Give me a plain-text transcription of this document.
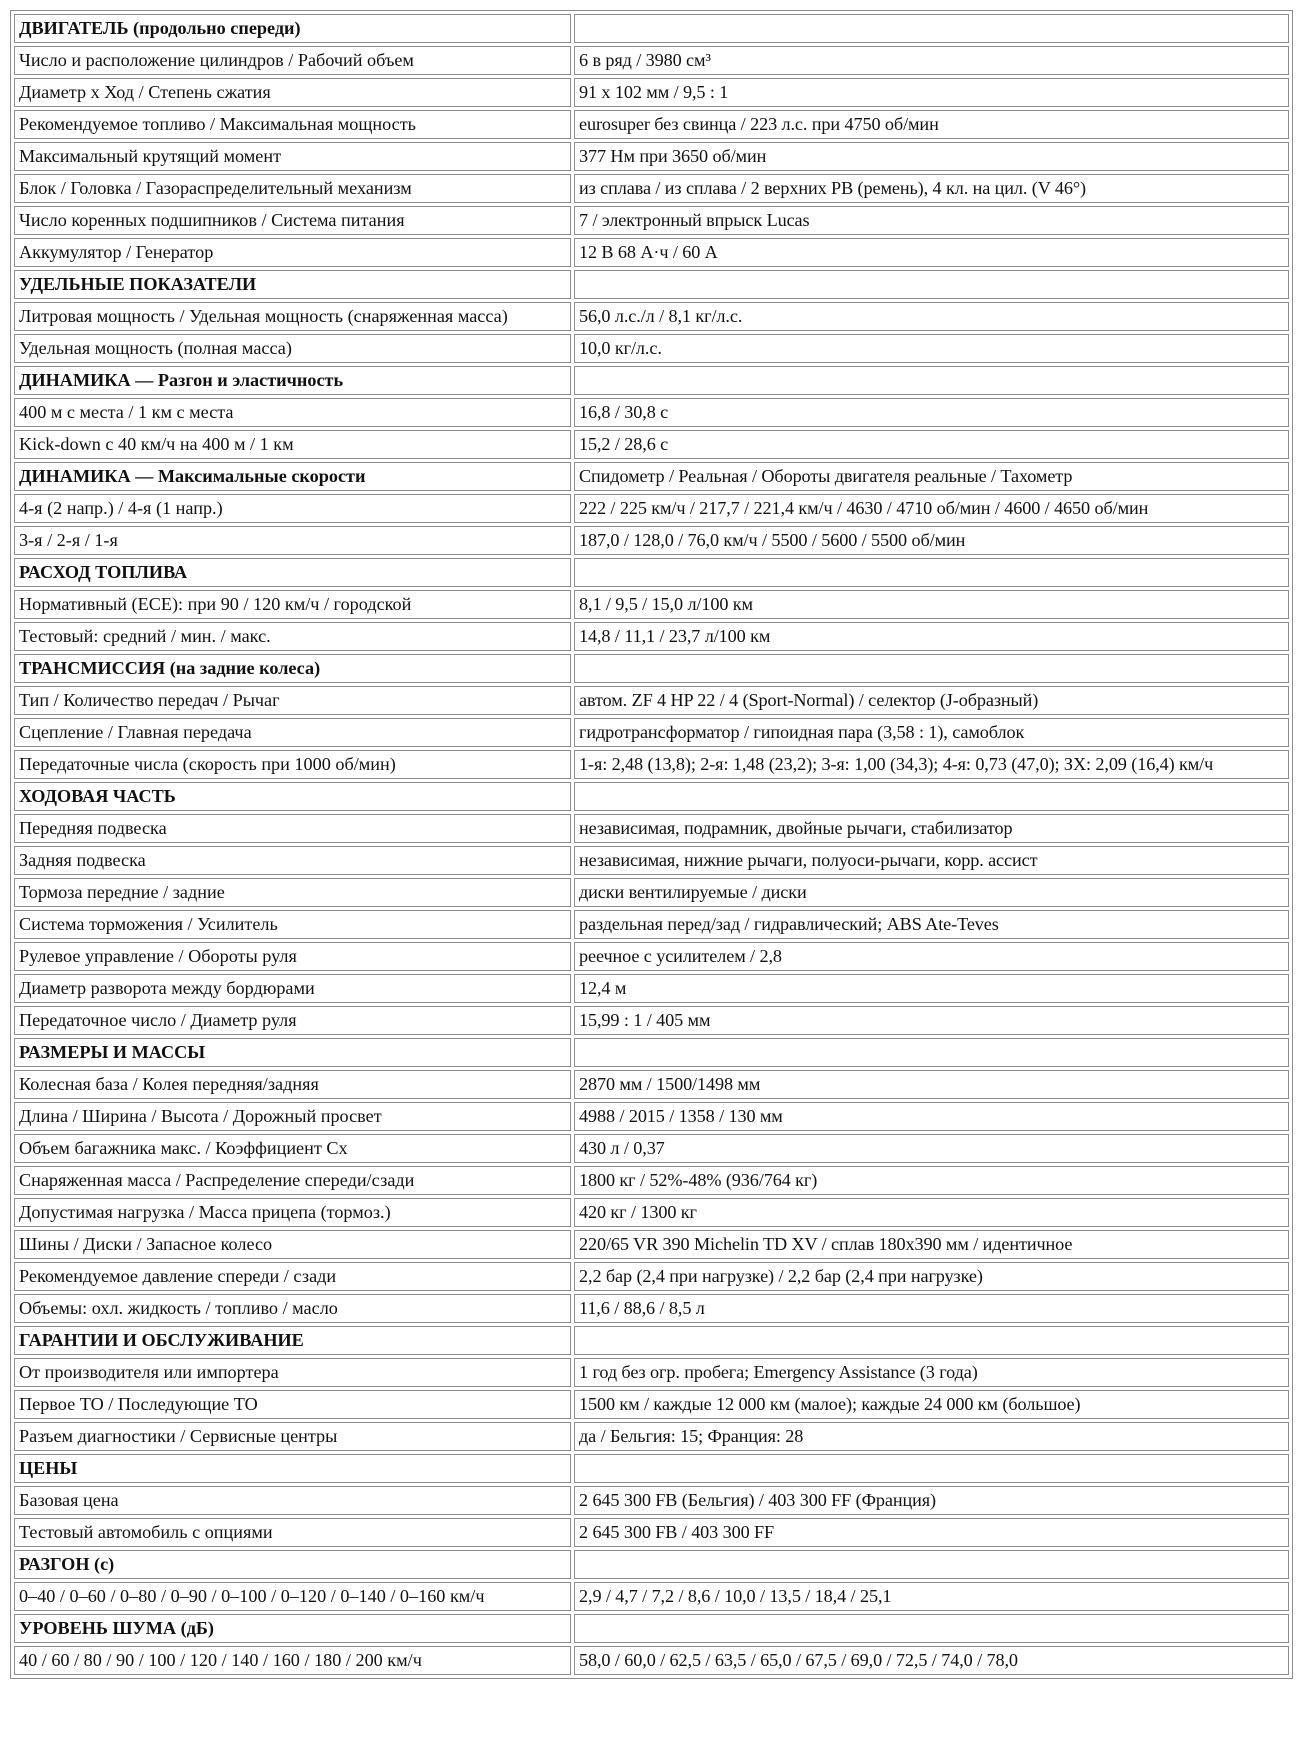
ДВИГАТЕЛЬ (продольно спереди)	
Число и расположение цилиндров / Рабочий объем	6 в ряд / 3980 см³
Диаметр х Ход / Степень сжатия	91 х 102 мм / 9,5 : 1
Рекомендуемое топливо / Максимальная мощность	eurosuper без свинца / 223 л.с. при 4750 об/мин
Максимальный крутящий момент	377 Нм при 3650 об/мин
Блок / Головка / Газораспределительный механизм	из сплава / из сплава / 2 верхних РВ (ремень), 4 кл. на цил. (V 46°)
Число коренных подшипников / Система питания	7 / электронный впрыск Lucas
Аккумулятор / Генератор	12 В 68 А·ч / 60 А
УДЕЛЬНЫЕ ПОКАЗАТЕЛИ	
Литровая мощность / Удельная мощность (снаряженная масса)	56,0 л.с./л / 8,1 кг/л.с.
Удельная мощность (полная масса)	10,0 кг/л.с.
ДИНАМИКА — Разгон и эластичность	
400 м с места / 1 км с места	16,8 / 30,8 с
Kick-down с 40 км/ч на 400 м / 1 км	15,2 / 28,6 с
ДИНАМИКА — Максимальные скорости	Спидометр / Реальная / Обороты двигателя реальные / Тахометр
4-я (2 напр.) / 4-я (1 напр.)	222 / 225 км/ч / 217,7 / 221,4 км/ч / 4630 / 4710 об/мин / 4600 / 4650 об/мин
3-я / 2-я / 1-я	187,0 / 128,0 / 76,0 км/ч / 5500 / 5600 / 5500 об/мин
РАСХОД ТОПЛИВА	
Нормативный (ECE): при 90 / 120 км/ч / городской	8,1 / 9,5 / 15,0 л/100 км
Тестовый: средний / мин. / макс.	14,8 / 11,1 / 23,7 л/100 км
ТРАНСМИССИЯ (на задние колеса)	
Тип / Количество передач / Рычаг	автом. ZF 4 HP 22 / 4 (Sport-Normal) / селектор (J-образный)
Сцепление / Главная передача	гидротрансформатор / гипоидная пара (3,58 : 1), самоблок
Передаточные числа (скорость при 1000 об/мин)	1-я: 2,48 (13,8); 2-я: 1,48 (23,2); 3-я: 1,00 (34,3); 4-я: 0,73 (47,0); ЗХ: 2,09 (16,4) км/ч
ХОДОВАЯ ЧАСТЬ	
Передняя подвеска	независимая, подрамник, двойные рычаги, стабилизатор
Задняя подвеска	независимая, нижние рычаги, полуоси-рычаги, корр. ассист
Тормоза передние / задние	диски вентилируемые / диски
Система торможения / Усилитель	раздельная перед/зад / гидравлический; ABS Ate-Teves
Рулевое управление / Обороты руля	реечное с усилителем / 2,8
Диаметр разворота между бордюрами	12,4 м
Передаточное число / Диаметр руля	15,99 : 1 / 405 мм
РАЗМЕРЫ И МАССЫ	
Колесная база / Колея передняя/задняя	2870 мм / 1500/1498 мм
Длина / Ширина / Высота / Дорожный просвет	4988 / 2015 / 1358 / 130 мм
Объем багажника макс. / Коэффициент Сх	430 л / 0,37
Снаряженная масса / Распределение спереди/сзади	1800 кг / 52%-48% (936/764 кг)
Допустимая нагрузка / Масса прицепа (тормоз.)	420 кг / 1300 кг
Шины / Диски / Запасное колесо	220/65 VR 390 Michelin TD XV / сплав 180х390 мм / идентичное
Рекомендуемое давление спереди / сзади	2,2 бар (2,4 при нагрузке) / 2,2 бар (2,4 при нагрузке)
Объемы: охл. жидкость / топливо / масло	11,6 / 88,6 / 8,5 л
ГАРАНТИИ И ОБСЛУЖИВАНИЕ	
От производителя или импортера	1 год без огр. пробега; Emergency Assistance (3 года)
Первое ТО / Последующие ТО	1500 км / каждые 12 000 км (малое); каждые 24 000 км (большое)
Разъем диагностики / Сервисные центры	да / Бельгия: 15; Франция: 28
ЦЕНЫ	
Базовая цена	2 645 300 FB (Бельгия) / 403 300 FF (Франция)
Тестовый автомобиль с опциями	2 645 300 FB / 403 300 FF
РАЗГОН (с)	
0–40 / 0–60 / 0–80 / 0–90 / 0–100 / 0–120 / 0–140 / 0–160 км/ч	2,9 / 4,7 / 7,2 / 8,6 / 10,0 / 13,5 / 18,4 / 25,1
УРОВЕНЬ ШУМА (дБ)	
40 / 60 / 80 / 90 / 100 / 120 / 140 / 160 / 180 / 200 км/ч	58,0 / 60,0 / 62,5 / 63,5 / 65,0 / 67,5 / 69,0 / 72,5 / 74,0 / 78,0
